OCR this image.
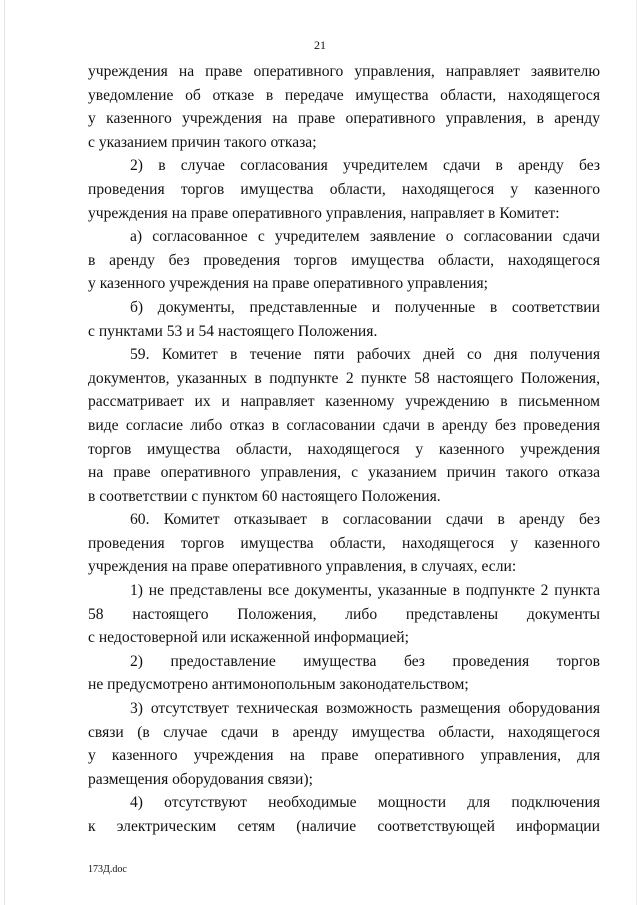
21
учреждения на праве оперативного управления, направляет заявителю
уведомление об отказе в передаче имущества области, находящегося
у казенного учреждения на праве оперативного управления, в аренду
с указанием причин такого отказа;
2) в случае согласования учредителем сдачи в аренду без
проведения торгов имущества области, находящегося у казенного
учреждения на праве оперативного управления, направляет в Комитет:
а) согласованное с учредителем заявление о согласовании сдачи
в аренду без проведения торгов имущества области, находящегося
у казенного учреждения на праве оперативного управления;
б) документы, представленные и полученные в соответствии
с пунктами 53 и 54 настоящего Положения.
59. Комитет в течение пяти рабочих дней со дня получения
документов, указанных в подпункте 2 пункте 58 настоящего Положения,
рассматривает их и направляет казенному учреждению в письменном
виде согласие либо отказ в согласовании сдачи в аренду без проведения
торгов имущества области, находящегося у казенного учреждения
на праве оперативного управления, с указанием причин такого отказа
в соответствии с пунктом 60 настоящего Положения.
60. Комитет отказывает в согласовании сдачи в аренду без
проведения торгов имущества области, находящегося у казенного
учреждения на праве оперативного управления, в случаях, если:
1) не представлены все документы, указанные в подпункте 2 пункта
58 настоящего Положения, либо представлены документы
с недостоверной или искаженной информацией;
2) предоставление имущества без проведения торгов
не предусмотрено антимонопольным законодательством;
3) отсутствует техническая возможность размещения оборудования
связи (в случае сдачи в аренду имущества области, находящегося
у казенного учреждения на праве оперативного управления, для
размещения оборудования связи);
4) отсутствуют необходимые мощности для подключения
к электрическим сетям (наличие соответствующей информации
173Д.doc
